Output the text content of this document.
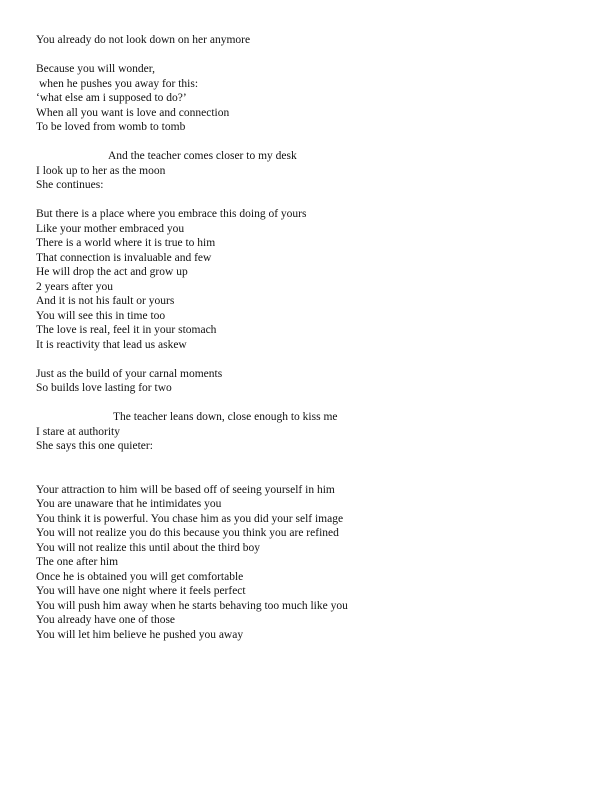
You already do not look down on her anymore

Because you will wonder,

when he pushes you away for this:

‘what else am i supposed to do?’

When all you want is love and connection

To be loved from womb to tomb

And the teacher comes closer to my desk

I look up to her as the moon

She continues:

But there is a place where you embrace this doing of yours

Like your mother embraced you

There is a world where it is true to him

That connection is invaluable and few

He will drop the act and grow up

2 years after you

And it is not his fault or yours

You will see this in time too

The love is real, feel it in your stomach

It is reactivity that lead us askew

Just as the build of your carnal moments

So builds love lasting for two

The teacher leans down, close enough to kiss me

I stare at authority

She says this one quieter:

Your attraction to him will be based off of seeing yourself in him

You are unaware that he intimidates you

You think it is powerful. You chase him as you did your self image

You will not realize you do this because you think you are refined

You will not realize this until about the third boy

The one after him

Once he is obtained you will get comfortable

You will have one night where it feels perfect

You will push him away when he starts behaving too much like you

You already have one of those

You will let him believe he pushed you away
